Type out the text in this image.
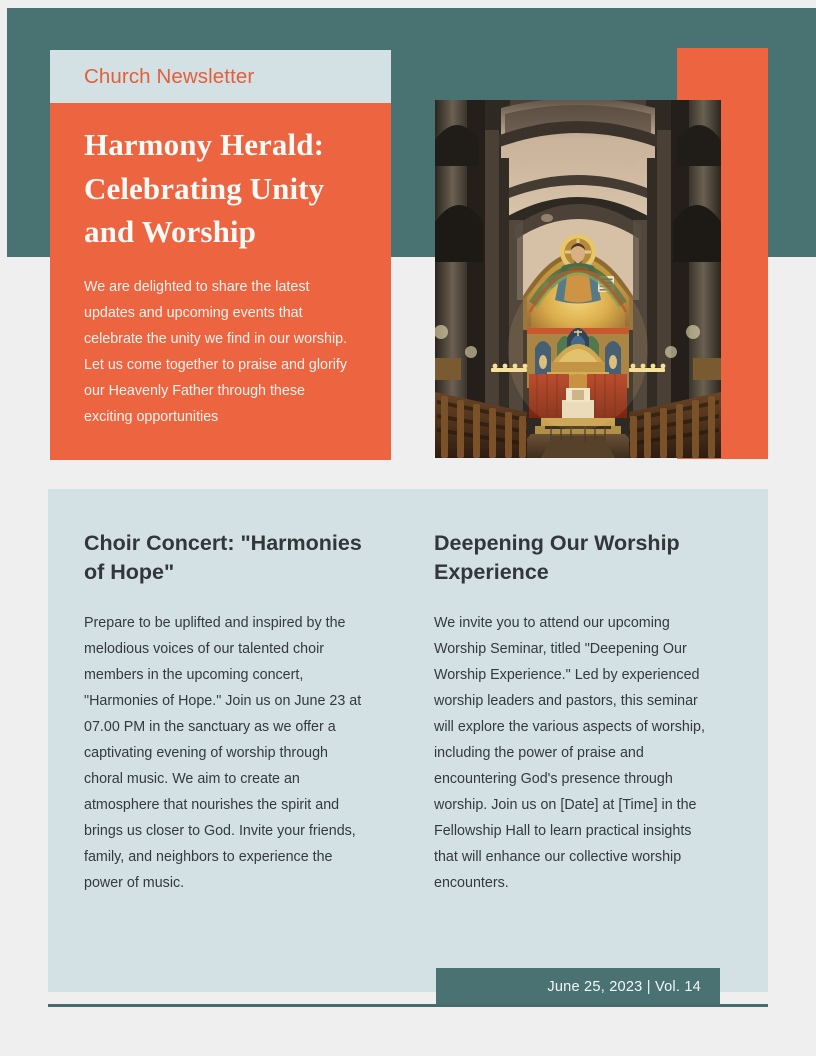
Church Newsletter
Harmony Herald: Celebrating Unity and Worship

We are delighted to share the latest updates and upcoming events that celebrate the unity we find in our worship. Let us come together to praise and glorify our Heavenly Father through these exciting opportunities

Choir Concert: "Harmonies of Hope"

Prepare to be uplifted and inspired by the melodious voices of our talented choir members in the upcoming concert, "Harmonies of Hope." Join us on June 23 at 07.00 PM in the sanctuary as we offer a captivating evening of worship through choral music. We aim to create an atmosphere that nourishes the spirit and brings us closer to God. Invite your friends, family, and neighbors to experience the power of music.

Deepening Our Worship Experience

We invite you to attend our upcoming Worship Seminar, titled "Deepening Our Worship Experience." Led by experienced worship leaders and pastors, this seminar will explore the various aspects of worship, including the power of praise and encountering God's presence through worship. Join us on [Date] at [Time] in the Fellowship Hall to learn practical insights that will enhance our collective worship encounters.

June 25, 2023 | Vol. 14
